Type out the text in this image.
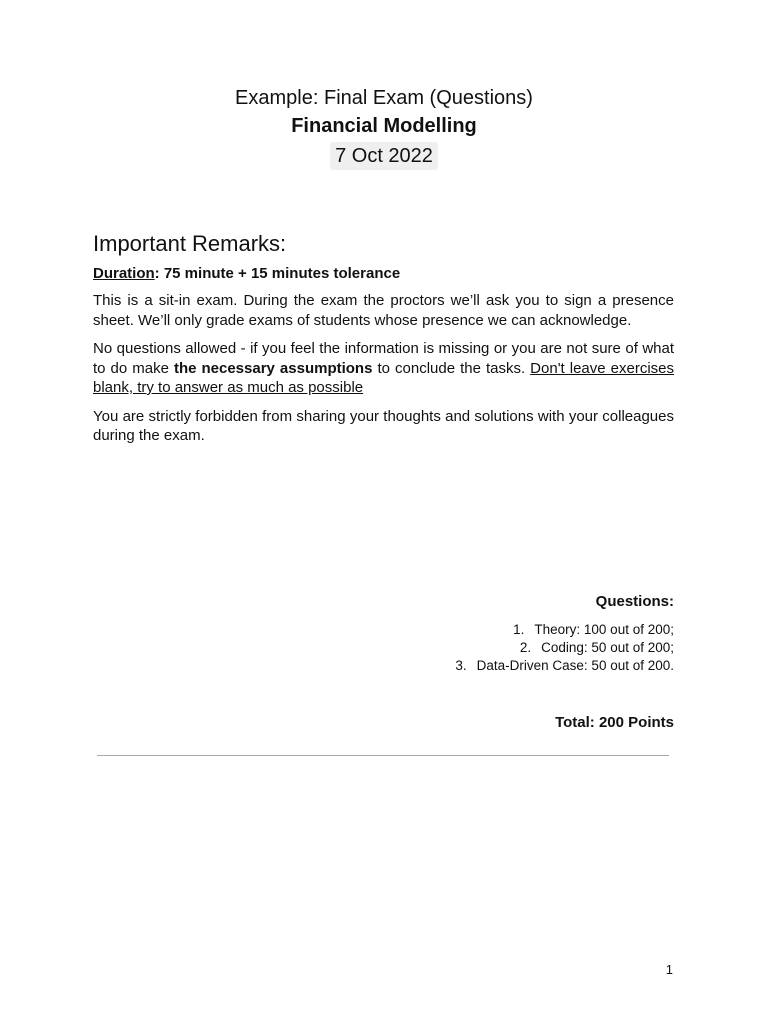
Example: Final Exam (Questions)
Financial Modelling
7 Oct 2022
Important Remarks:
Duration: 75 minute + 15 minutes tolerance

This is a sit-in exam. During the exam the proctors we’ll ask you to sign a presence sheet. We’ll only grade exams of students whose presence we can acknowledge.

No questions allowed - if you feel the information is missing or you are not sure of what to do make the necessary assumptions to conclude the tasks. Don't leave exercises blank, try to answer as much as possible

You are strictly forbidden from sharing your thoughts and solutions with your colleagues during the exam.

Questions:
1. Theory: 100 out of 200;
2. Coding: 50 out of 200;
3. Data-Driven Case: 50 out of 200.
Total: 200 Points
1
